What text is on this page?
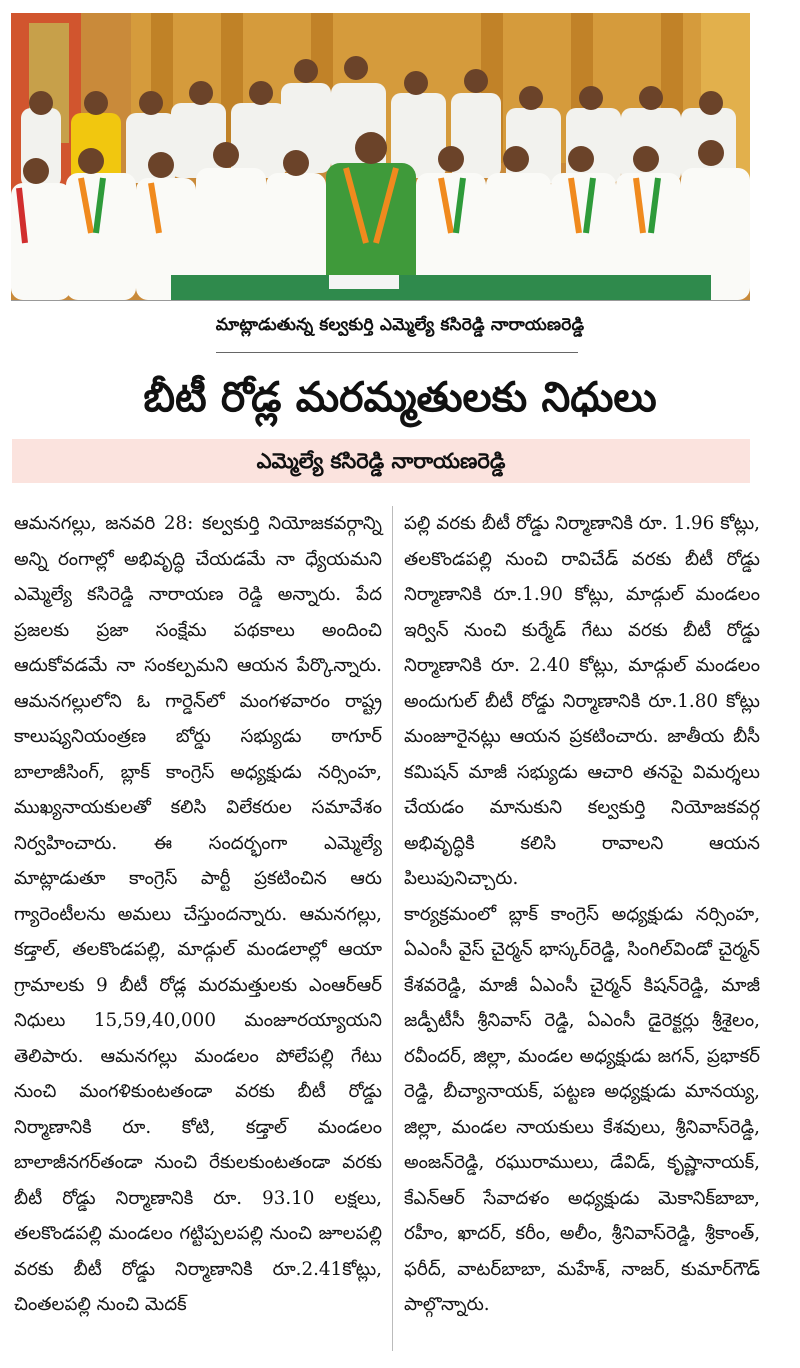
మాట్లాడుతున్న కల్వకుర్తి ఎమ్మెల్యే కసిరెడ్డి నారాయణరెడ్డి
బీటీ రోడ్ల మరమ్మతులకు నిధులు
ఎమ్మెల్యే కసిరెడ్డి నారాయణరెడ్డి

ఆమనగల్లు, జనవరి 28: కల్వకుర్తి నియోజకవర్గాన్ని అన్ని రంగాల్లో అభివృద్ధి చేయడమే నా ధ్యేయమని ఎమ్మెల్యే కసిరెడ్డి నారాయణ రెడ్డి అన్నారు. పేద ప్రజలకు ప్రజా సంక్షేమ పథకాలు అందించి ఆదుకోవడమే నా సంకల్పమని ఆయన పేర్కొన్నారు. ఆమనగల్లులోని ఓ గార్డెన్‌లో మంగళవారం రాష్ట్ర కాలుష్యనియంత్రణ బోర్డు సభ్యుడు ఠాగూర్ బాలాజీసింగ్, బ్లాక్ కాంగ్రెస్ అధ్యక్షుడు నర్సింహ, ముఖ్యనాయకులతో కలిసి విలేకరుల సమావేశం నిర్వహించారు. ఈ సందర్భంగా ఎమ్మెల్యే మాట్లాడుతూ కాంగ్రెస్ పార్టీ ప్రకటించిన ఆరు గ్యారెంటీలను అమలు చేస్తుందన్నారు. ఆమనగల్లు, కడ్తాల్, తలకొండపల్లి, మాడ్గుల్ మండలాల్లో ఆయా గ్రామాలకు 9 బీటీ రోడ్ల మరమత్తులకు ఎంఆర్ఆర్ నిధులు 15,59,40,000 మంజూరయ్యాయని తెలిపారు. ఆమనగల్లు మండలం పోలేపల్లి గేటు నుంచి మంగళికుంటతండా వరకు బీటీ రోడ్డు నిర్మాణానికి రూ. కోటి, కడ్తాల్ మండలం బాలాజీనగర్‌తండా నుంచి రేకులకుంటతండా వరకు బీటీ రోడ్డు నిర్మాణానికి రూ. 93.10 లక్షలు, తలకొండపల్లి మండలం గట్టిప్పలపల్లి నుంచి జూలపల్లి వరకు బీటీ రోడ్డు నిర్మాణానికి రూ.2.41కోట్లు, చింతలపల్లి నుంచి మెదక్

పల్లి వరకు బీటీ రోడ్డు నిర్మాణానికి రూ. 1.96 కోట్లు, తలకొండపల్లి నుంచి రావిచేడ్ వరకు బీటీ రోడ్డు నిర్మాణానికి రూ.1.90 కోట్లు, మాడ్గుల్ మండలం ఇర్విన్ నుంచి కుర్మేడ్ గేటు వరకు బీటీ రోడ్డు నిర్మాణానికి రూ. 2.40 కోట్లు, మాడ్గుల్ మండలం అందుగుల్ బీటీ రోడ్డు నిర్మాణానికి రూ.1.80 కోట్లు మంజూరైనట్లు ఆయన ప్రకటించారు. జాతీయ బీసీ కమిషన్ మాజీ సభ్యుడు ఆచారి తనపై విమర్శలు చేయడం మానుకుని కల్వకుర్తి నియోజకవర్గ అభివృద్ధికి కలిసి రావాలని ఆయన పిలుపునిచ్చారు.

కార్యక్రమంలో బ్లాక్ కాంగ్రెస్ అధ్యక్షుడు నర్సింహ, ఏఎంసీ వైస్ చైర్మన్ భాస్కర్‌రెడ్డి, సింగిల్‌విండో చైర్మన్ కేశవరెడ్డి, మాజీ ఏఎంసీ చైర్మన్ కిషన్‌రెడ్డి, మాజీ జడ్పీటీసీ శ్రీనివాస్ రెడ్డి, ఏఎంసీ డైరెక్టర్లు శ్రీశైలం, రవీందర్, జిల్లా, మండల అధ్యక్షుడు జగన్, ప్రభాకర్ రెడ్డి, బీచ్యానాయక్, పట్టణ అధ్యక్షుడు మానయ్య, జిల్లా, మండల నాయకులు కేశవులు, శ్రీనివాస్‌రెడ్డి, అంజన్‌రెడ్డి, రఘురాములు, డేవిడ్, కృష్ణానాయక్, కేఎన్ఆర్ సేవాదళం అధ్యక్షుడు మెకానిక్‌బాబా, రహీం, ఖాదర్, కరీం, అలీం, శ్రీనివాస్‌రెడ్డి, శ్రీకాంత్, ఫరీద్, వాటర్‌బాబా, మహేశ్, నాజర్, కుమార్‌గౌడ్ పాల్గొన్నారు.
